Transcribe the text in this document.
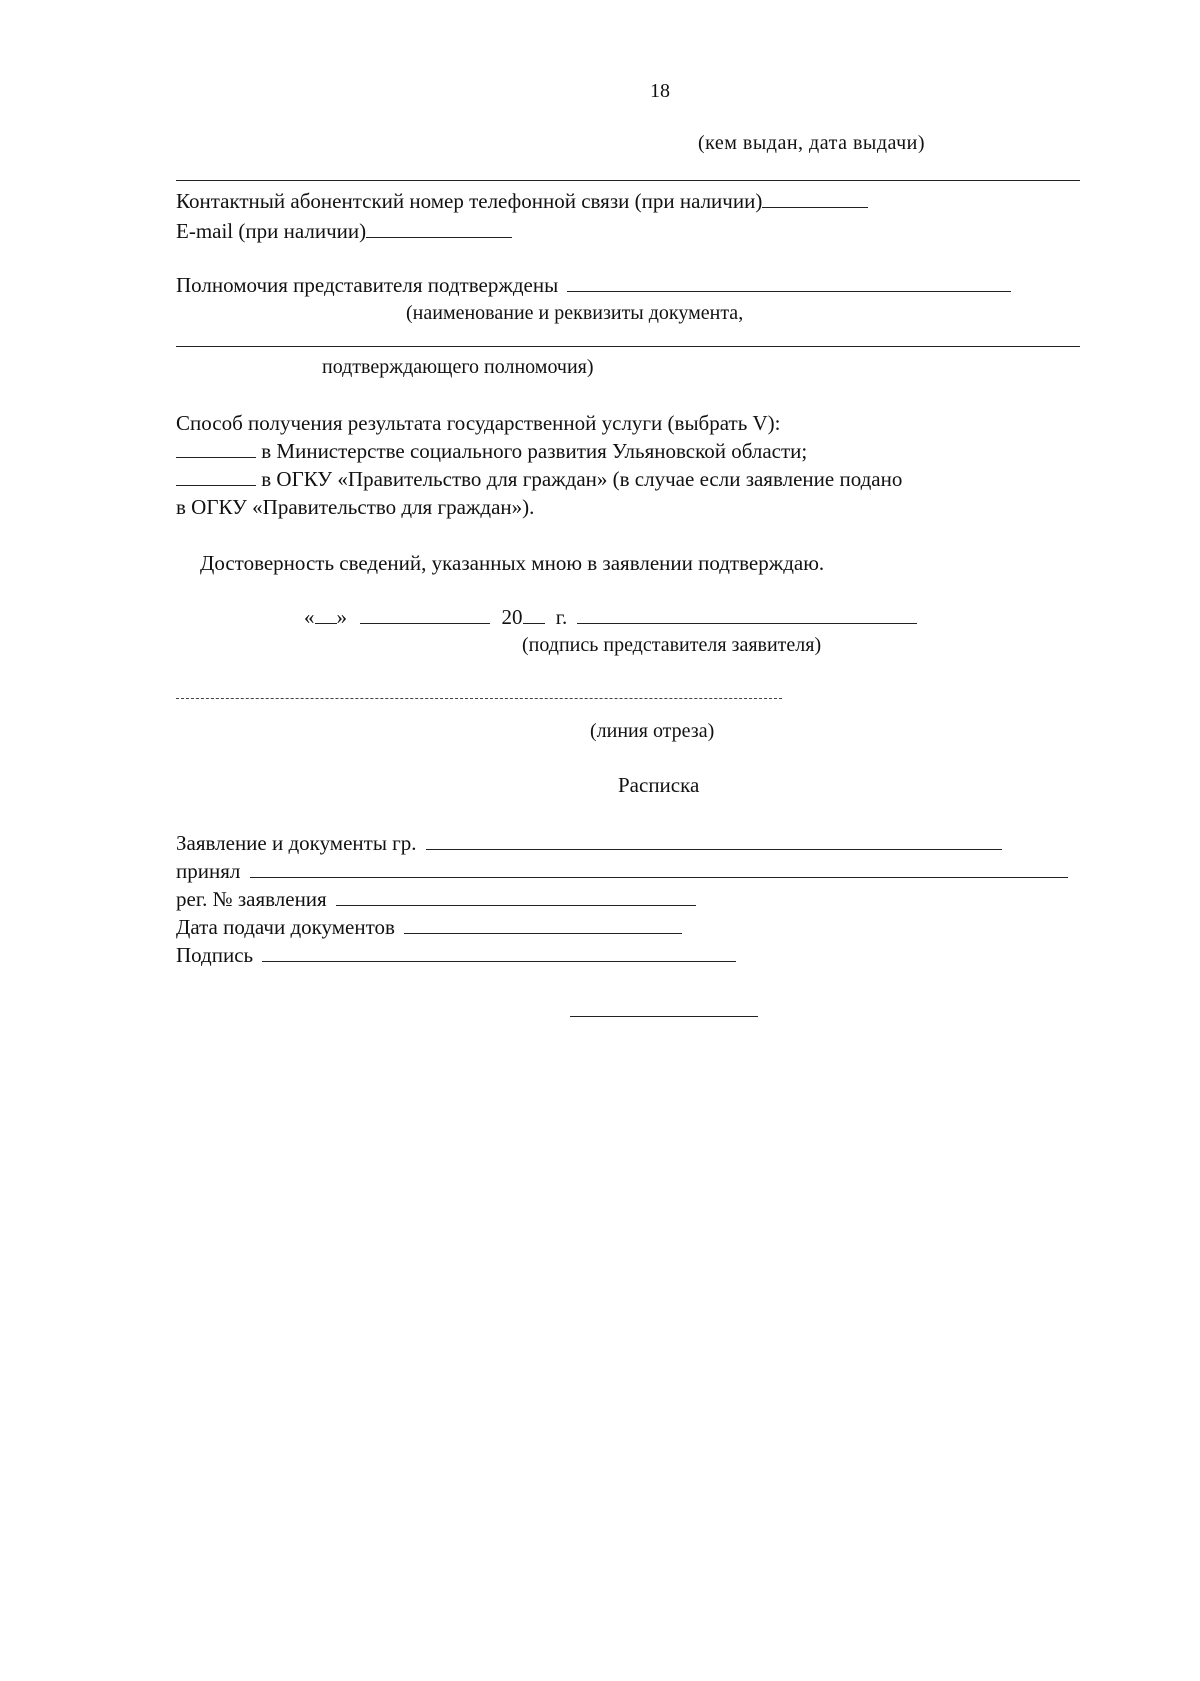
18
(кем выдан, дата выдачи)
Контактный абонентский номер телефонной связи (при наличии)
E-mail (при наличии)
Полномочия представителя подтверждены
(наименование и реквизиты документа,
подтверждающего полномочия)
Способ получения результата государственной услуги (выбрать V):
в Министерстве социального развития Ульяновской области;
в ОГКУ «Правительство для граждан» (в случае если заявление подано
в ОГКУ «Правительство для граждан»).
Достоверность сведений, указанных мною в заявлении подтверждаю.
« »	20 г.
(подпись представителя заявителя)
(линия отреза)
Расписка
Заявление и документы гр.
принял
рег. № заявления
Дата подачи документов
Подпись
